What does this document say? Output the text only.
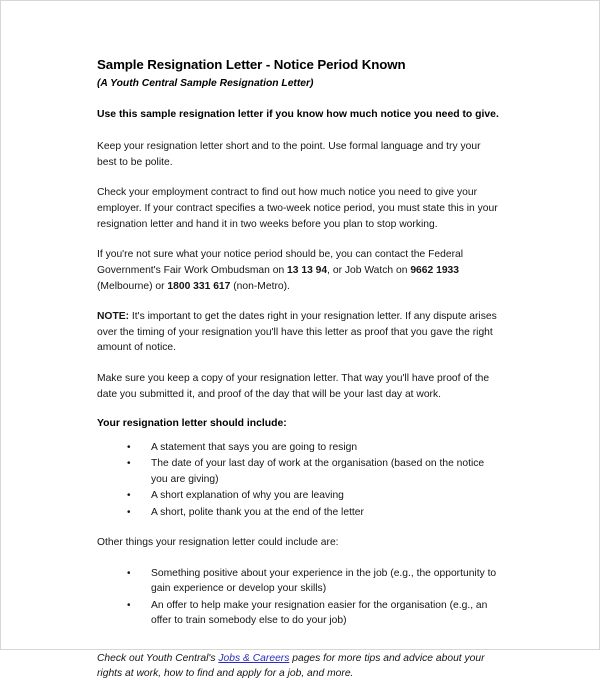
Sample Resignation Letter - Notice Period Known
(A Youth Central Sample Resignation Letter)

Use this sample resignation letter if you know how much notice you need to give.

Keep your resignation letter short and to the point. Use formal language and try your best to be polite.

Check your employment contract to find out how much notice you need to give your employer. If your contract specifies a two-week notice period, you must state this in your resignation letter and hand it in two weeks before you plan to stop working.

If you're not sure what your notice period should be, you can contact the Federal Government's Fair Work Ombudsman on 13 13 94, or Job Watch on 9662 1933 (Melbourne) or 1800 331 617 (non-Metro).

NOTE: It's important to get the dates right in your resignation letter. If any dispute arises over the timing of your resignation you'll have this letter as proof that you gave the right amount of notice.

Make sure you keep a copy of your resignation letter. That way you'll have proof of the date you submitted it, and proof of the day that will be your last day at work.

Your resignation letter should include:
• A statement that says you are going to resign
• The date of your last day of work at the organisation (based on the notice you are giving)
• A short explanation of why you are leaving
• A short, polite thank you at the end of the letter

Other things your resignation letter could include are:

• Something positive about your experience in the job (e.g., the opportunity to gain experience or develop your skills)
• An offer to help make your resignation easier for the organisation (e.g., an offer to train somebody else to do your job)

Check out Youth Central's Jobs & Careers pages for more tips and advice about your rights at work, how to find and apply for a job, and more.
